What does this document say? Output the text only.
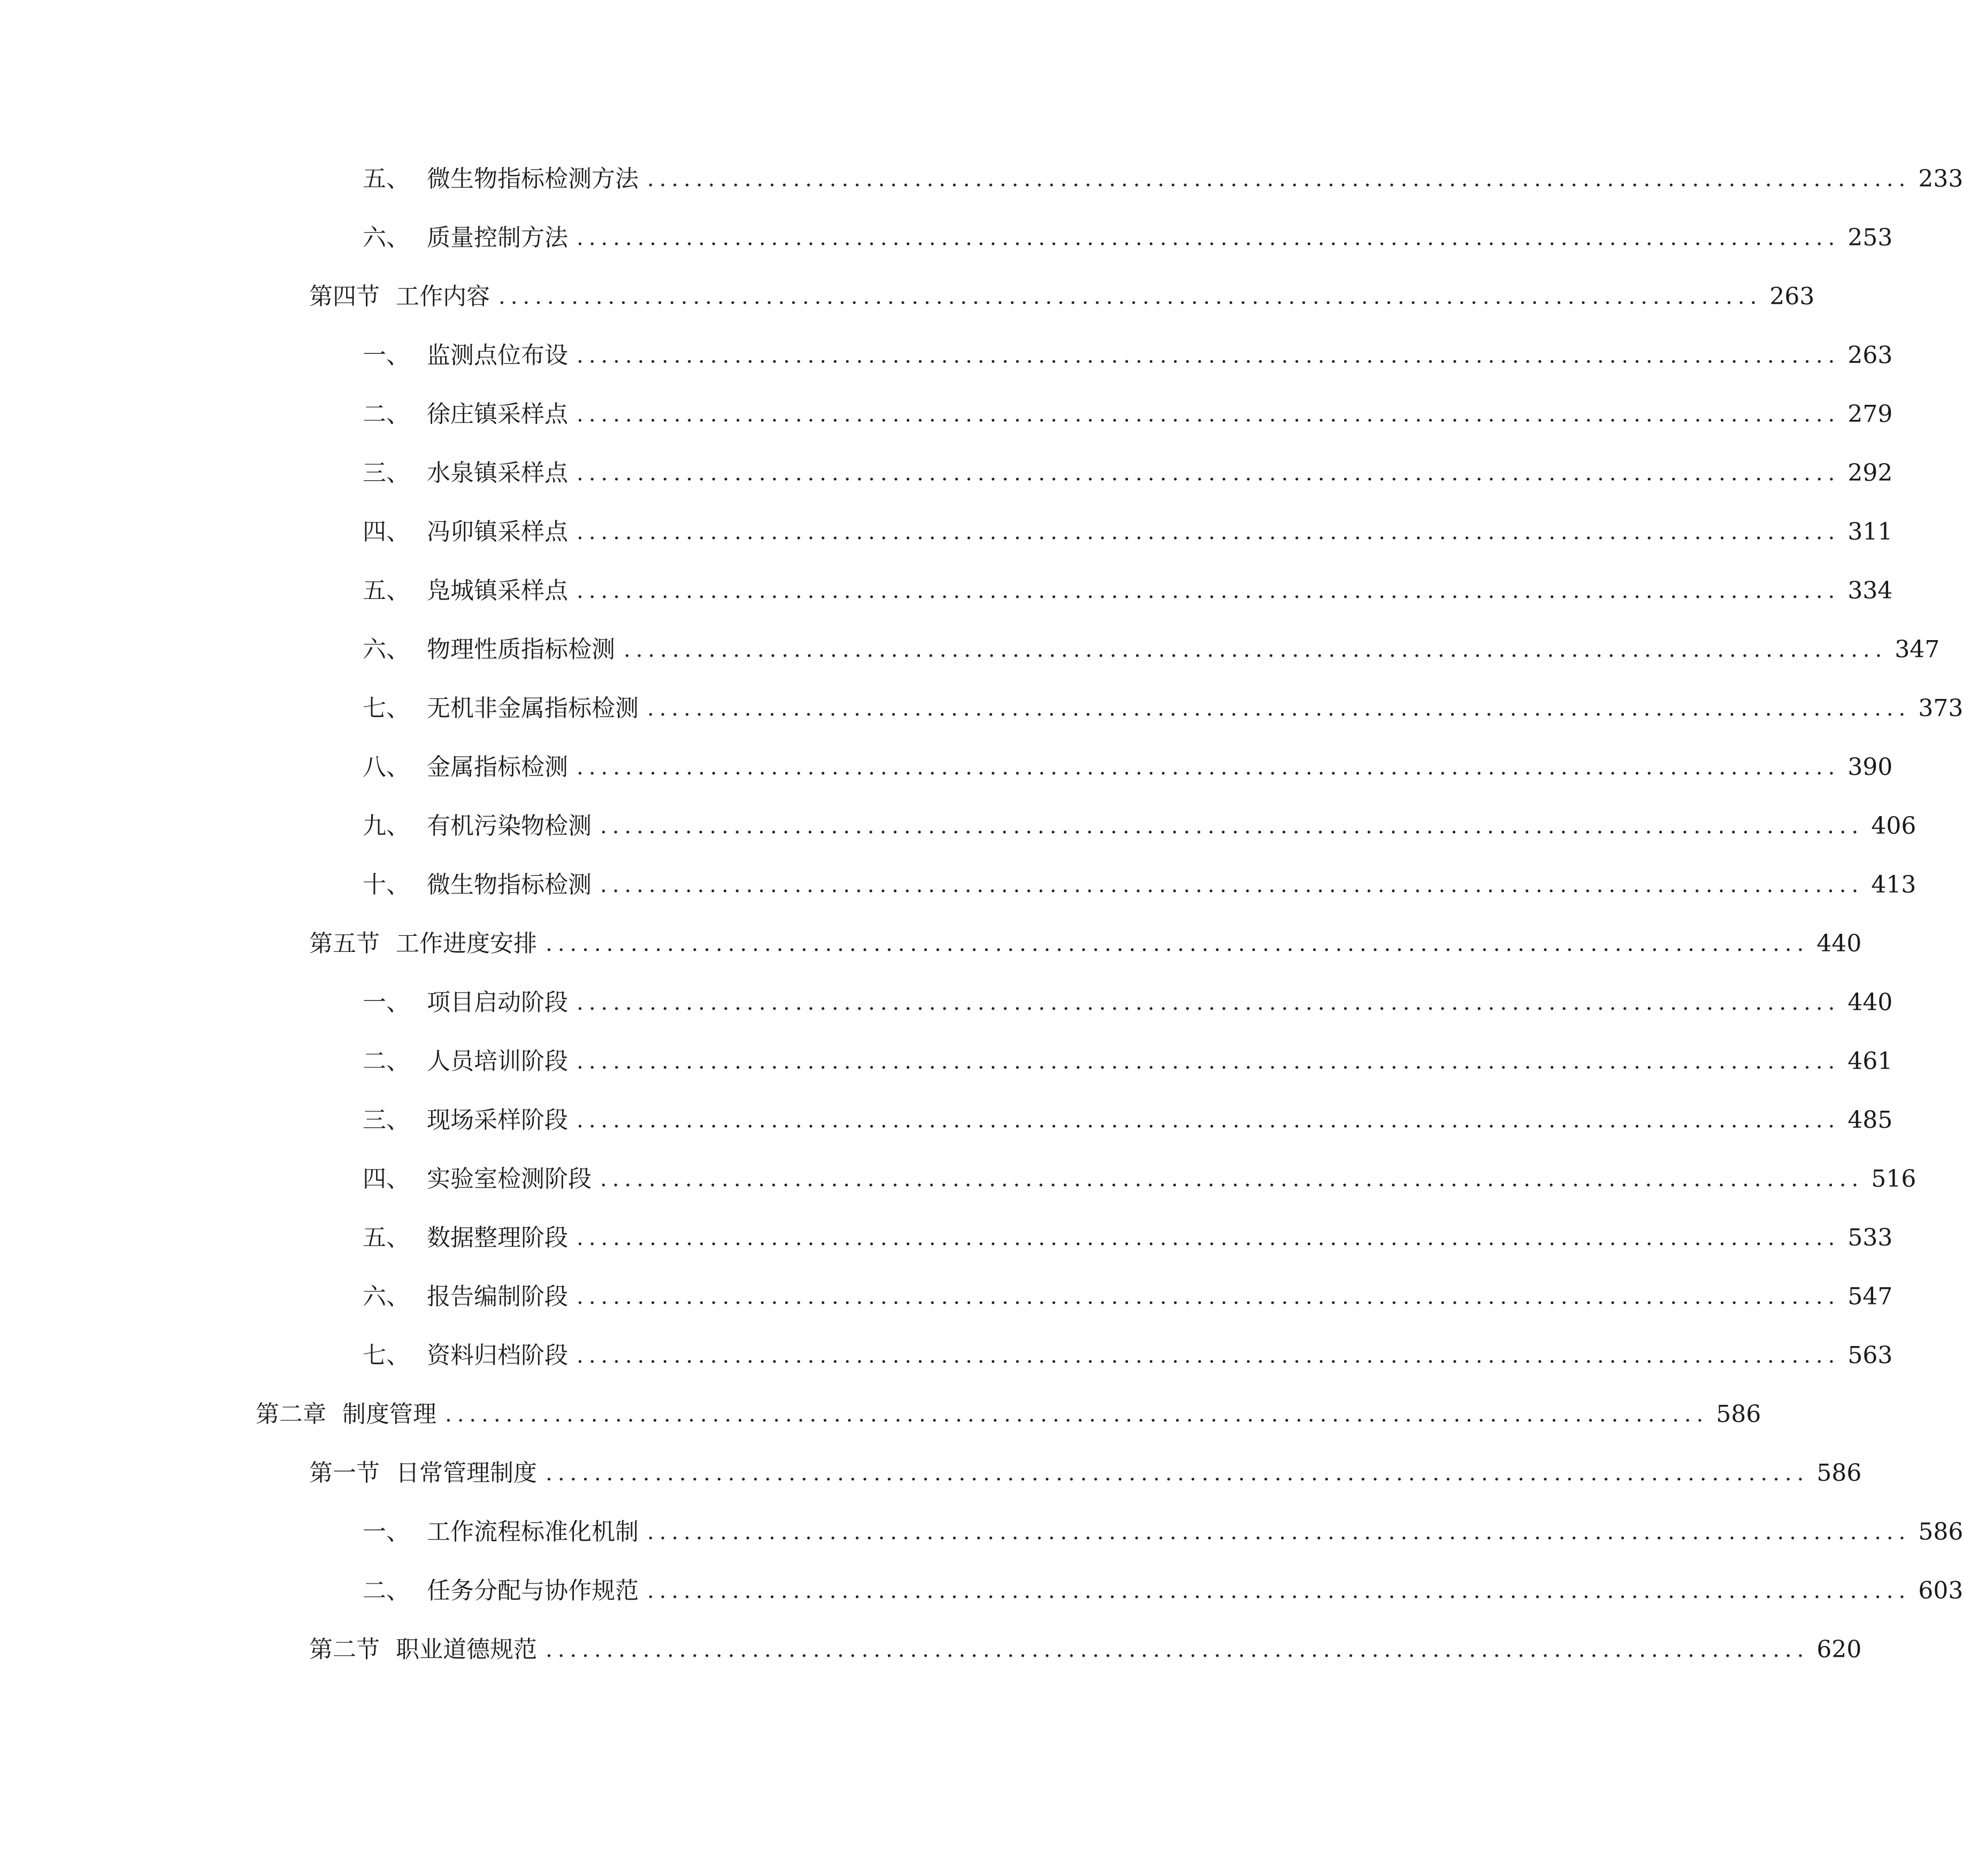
五、 微生物指标检测方法 ........................................................................................................ 233
六、 质量控制方法 ........................................................................................................ 253
第四节 工作内容 ........................................................................................................ 263
一、 监测点位布设 ........................................................................................................ 263
二、 徐庄镇采样点 ........................................................................................................ 279
三、 水泉镇采样点 ........................................................................................................ 292
四、 冯卯镇采样点 ........................................................................................................ 311
五、 凫城镇采样点 ........................................................................................................ 334
六、 物理性质指标检测 ........................................................................................................ 347
七、 无机非金属指标检测 ........................................................................................................ 373
八、 金属指标检测 ........................................................................................................ 390
九、 有机污染物检测 ........................................................................................................ 406
十、 微生物指标检测 ........................................................................................................ 413
第五节 工作进度安排 ........................................................................................................ 440
一、 项目启动阶段 ........................................................................................................ 440
二、 人员培训阶段 ........................................................................................................ 461
三、 现场采样阶段 ........................................................................................................ 485
四、 实验室检测阶段 ........................................................................................................ 516
五、 数据整理阶段 ........................................................................................................ 533
六、 报告编制阶段 ........................................................................................................ 547
七、 资料归档阶段 ........................................................................................................ 563
第二章 制度管理 ........................................................................................................ 586
第一节 日常管理制度 ........................................................................................................ 586
一、 工作流程标准化机制 ........................................................................................................ 586
二、 任务分配与协作规范 ........................................................................................................ 603
第二节 职业道德规范 ........................................................................................................ 620
